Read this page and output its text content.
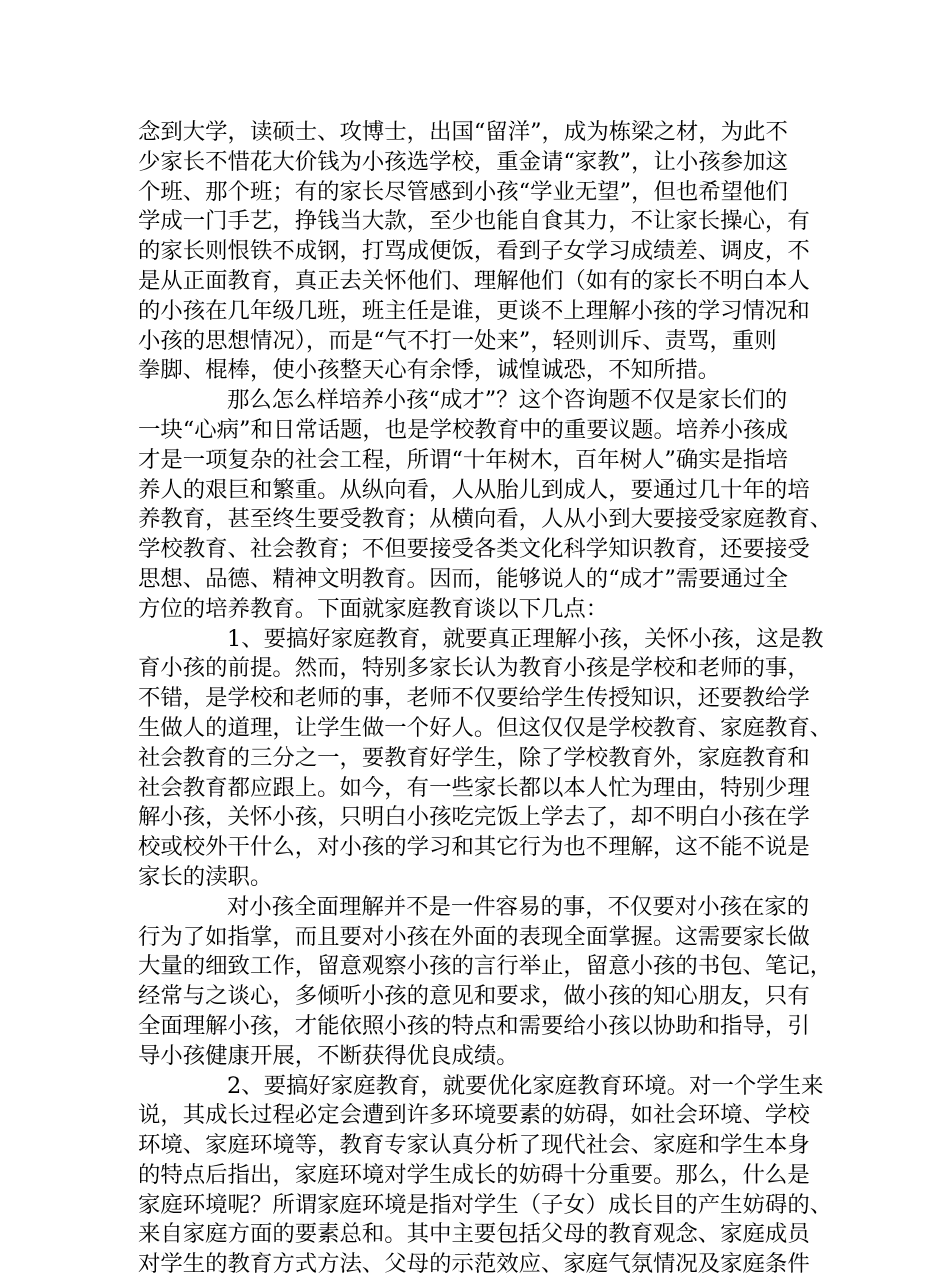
念到大学，读硕士、攻博士，出国“留洋”，成为栋梁之材，为此不
少家长不惜花大价钱为小孩选学校，重金请“家教”，让小孩参加这
个班、那个班；有的家长尽管感到小孩“学业无望”，但也希望他们
学成一门手艺，挣钱当大款，至少也能自食其力，不让家长操心，有
的家长则恨铁不成钢，打骂成便饭，看到子女学习成绩差、调皮，不
是从正面教育，真正去关怀他们、理解他们（如有的家长不明白本人
的小孩在几年级几班，班主任是谁，更谈不上理解小孩的学习情况和
小孩的思想情况），而是“气不打一处来”，轻则训斥、责骂，重则
拳脚、棍棒，使小孩整天心有余悸，诚惶诚恐，不知所措。
那么怎么样培养小孩“成才”？这个咨询题不仅是家长们的
一块“心病”和日常话题，也是学校教育中的重要议题。培养小孩成
才是一项复杂的社会工程，所谓“十年树木，百年树人”确实是指培
养人的艰巨和繁重。从纵向看，人从胎儿到成人，要通过几十年的培
养教育，甚至终生要受教育；从横向看，人从小到大要接受家庭教育、
学校教育、社会教育；不但要接受各类文化科学知识教育，还要接受
思想、品德、精神文明教育。因而，能够说人的“成才”需要通过全
方位的培养教育。下面就家庭教育谈以下几点：
1、要搞好家庭教育，就要真正理解小孩，关怀小孩，这是教
育小孩的前提。然而，特别多家长认为教育小孩是学校和老师的事，
不错，是学校和老师的事，老师不仅要给学生传授知识，还要教给学
生做人的道理，让学生做一个好人。但这仅仅是学校教育、家庭教育、
社会教育的三分之一，要教育好学生，除了学校教育外，家庭教育和
社会教育都应跟上。如今，有一些家长都以本人忙为理由，特别少理
解小孩，关怀小孩，只明白小孩吃完饭上学去了，却不明白小孩在学
校或校外干什么，对小孩的学习和其它行为也不理解，这不能不说是
家长的渎职。
对小孩全面理解并不是一件容易的事，不仅要对小孩在家的
行为了如指掌，而且要对小孩在外面的表现全面掌握。这需要家长做
大量的细致工作，留意观察小孩的言行举止，留意小孩的书包、笔记，
经常与之谈心，多倾听小孩的意见和要求，做小孩的知心朋友，只有
全面理解小孩，才能依照小孩的特点和需要给小孩以协助和指导，引
导小孩健康开展，不断获得优良成绩。
2、要搞好家庭教育，就要优化家庭教育环境。对一个学生来
说，其成长过程必定会遭到许多环境要素的妨碍，如社会环境、学校
环境、家庭环境等，教育专家认真分析了现代社会、家庭和学生本身
的特点后指出，家庭环境对学生成长的妨碍十分重要。那么，什么是
家庭环境呢？所谓家庭环境是指对学生（子女）成长目的产生妨碍的、
来自家庭方面的要素总和。其中主要包括父母的教育观念、家庭成员
对学生的教育方式方法、父母的示范效应、家庭气氛情况及家庭条件
